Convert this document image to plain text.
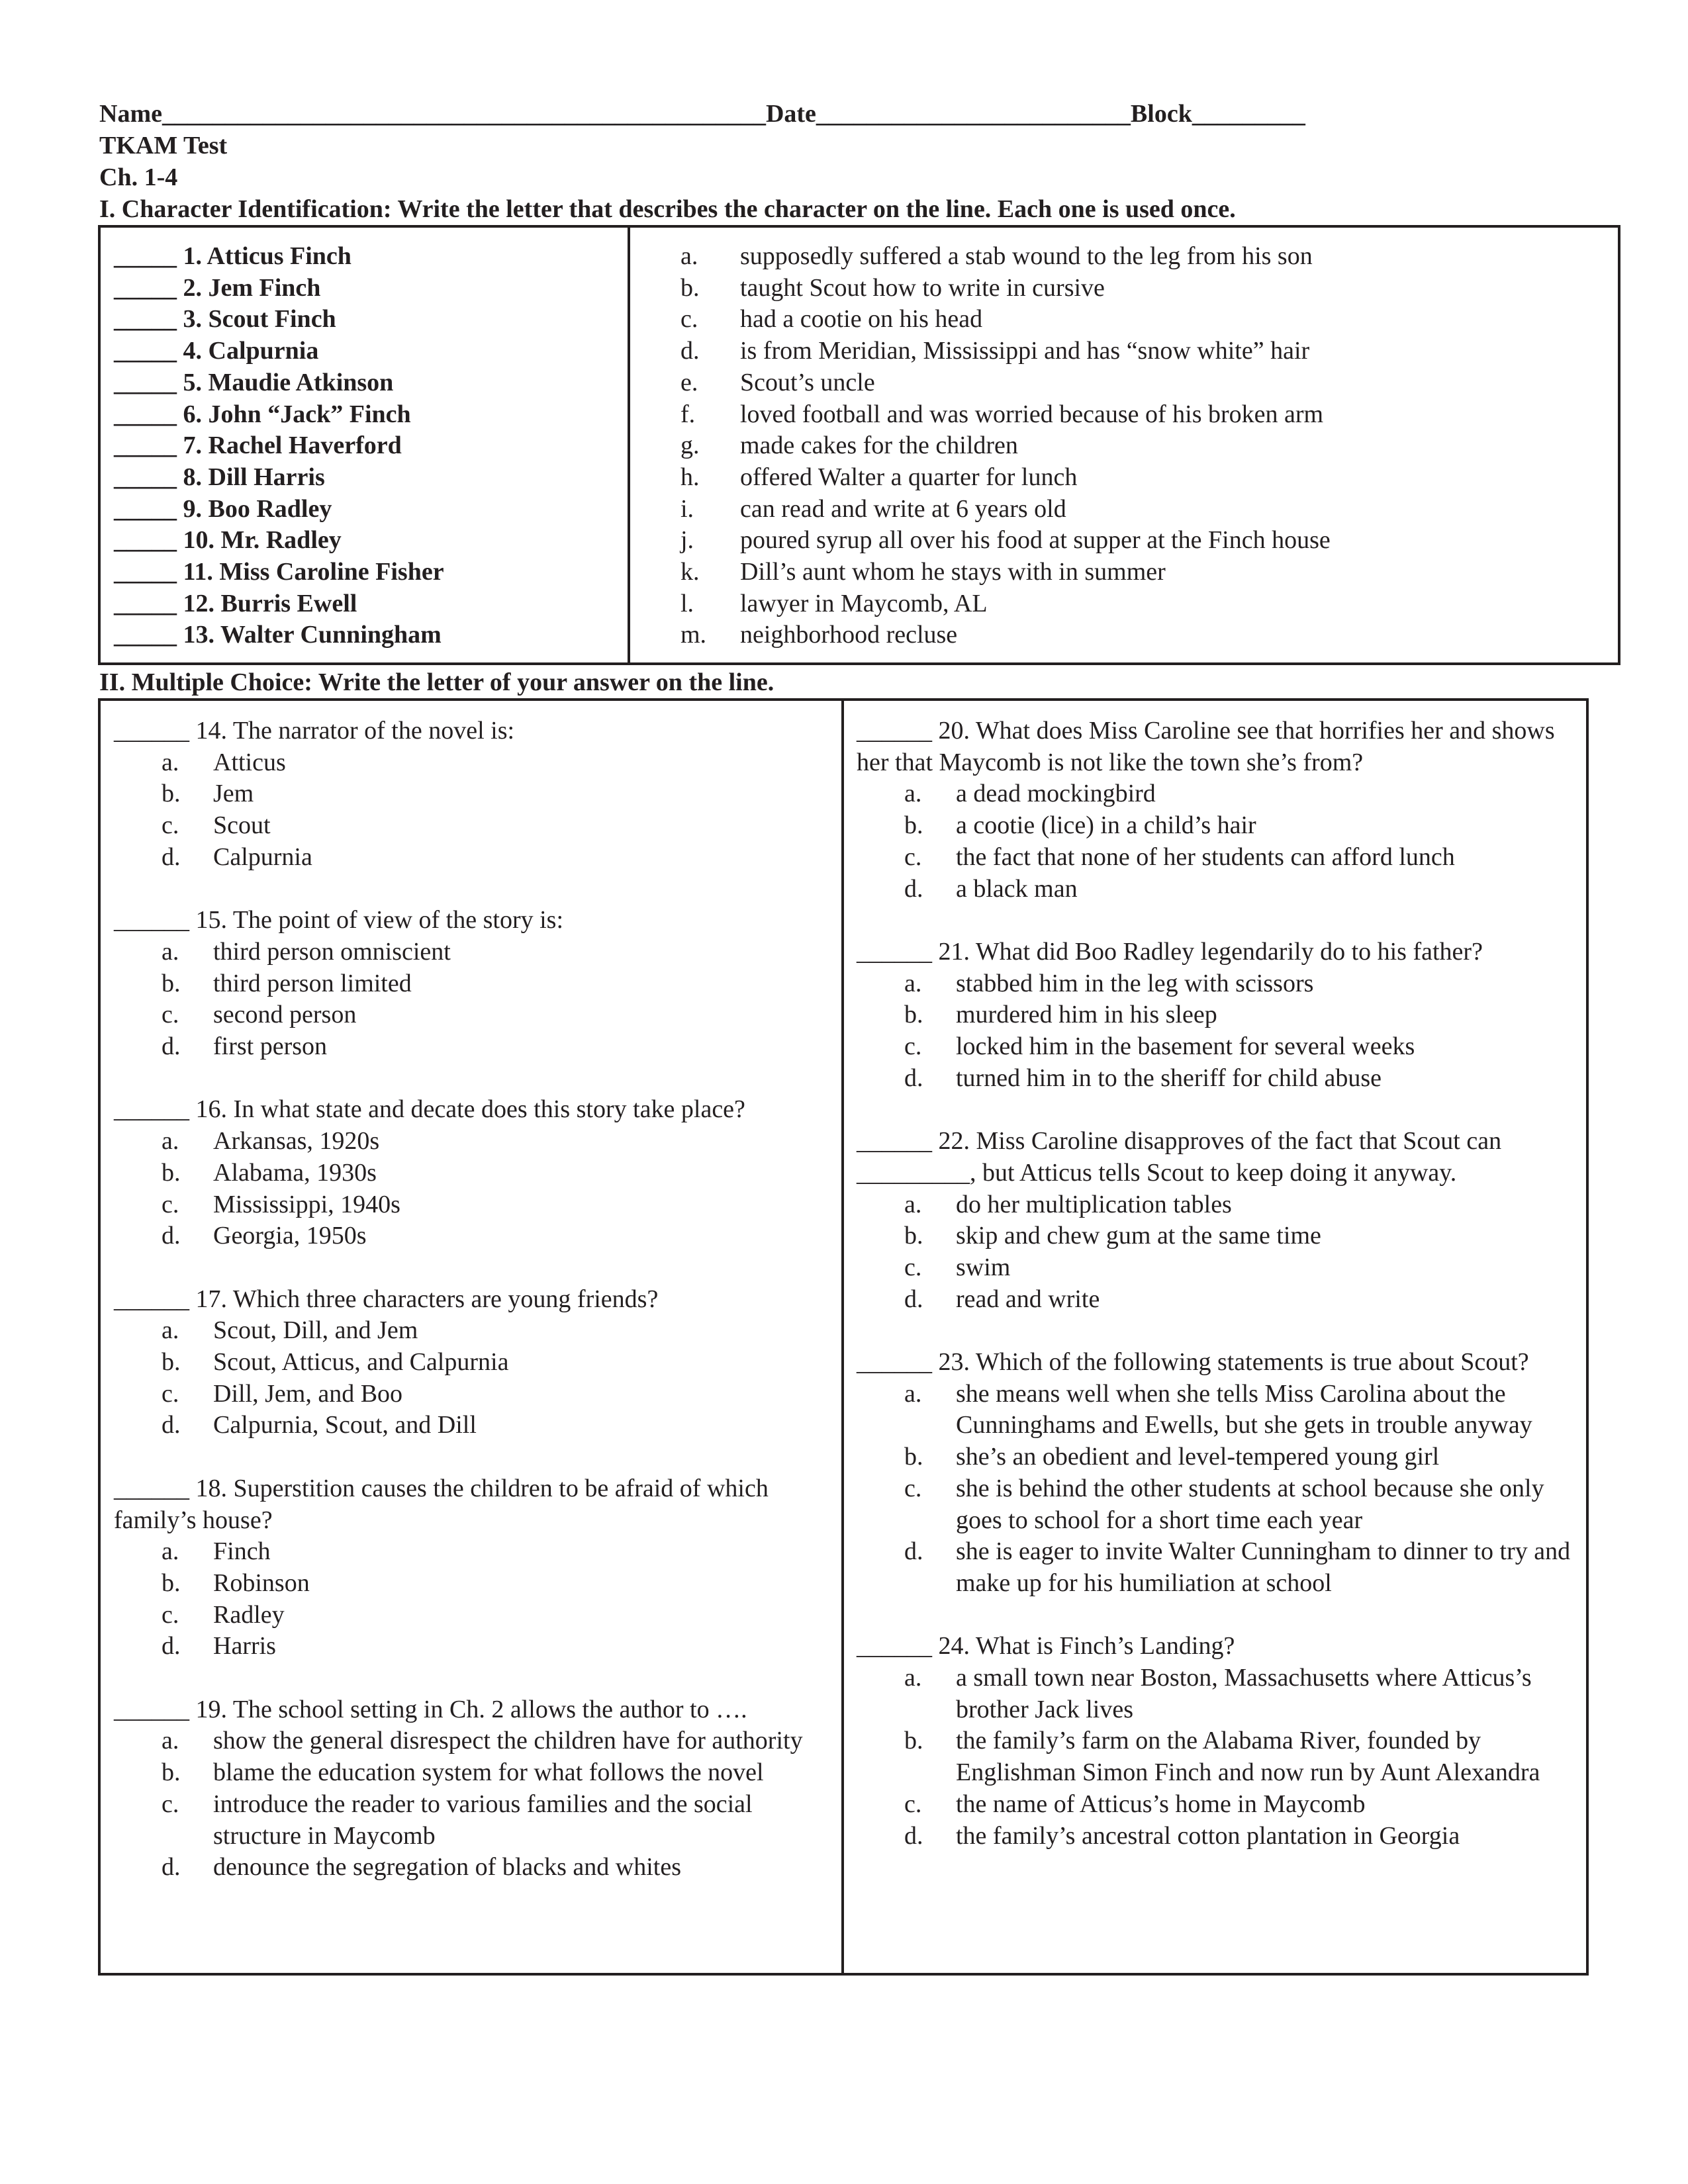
Name________________________________________________Date_________________________Block_________
TKAM Test
Ch. 1-4
I. Character Identification: Write the letter that describes the character on the line. Each one is used once.
_____ 1. Atticus Finch
_____ 2. Jem Finch
_____ 3. Scout Finch
_____ 4. Calpurnia
_____ 5. Maudie Atkinson
_____ 6. John “Jack” Finch
_____ 7. Rachel Haverford
_____ 8. Dill Harris
_____ 9. Boo Radley
_____ 10. Mr. Radley
_____ 11. Miss Caroline Fisher
_____ 12. Burris Ewell
_____ 13. Walter Cunningham
a. supposedly suffered a stab wound to the leg from his son
b. taught Scout how to write in cursive
c. had a cootie on his head
d. is from Meridian, Mississippi and has “snow white” hair
e. Scout’s uncle
f. loved football and was worried because of his broken arm
g. made cakes for the children
h. offered Walter a quarter for lunch
i. can read and write at 6 years old
j. poured syrup all over his food at supper at the Finch house
k. Dill’s aunt whom he stays with in summer
l. lawyer in Maycomb, AL
m. neighborhood recluse
II. Multiple Choice: Write the letter of your answer on the line.
______ 14. The narrator of the novel is:
a. Atticus
b. Jem
c. Scout
d. Calpurnia
______ 15. The point of view of the story is:
a. third person omniscient
b. third person limited
c. second person
d. first person
______ 16. In what state and decate does this story take place?
a. Arkansas, 1920s
b. Alabama, 1930s
c. Mississippi, 1940s
d. Georgia, 1950s
______ 17. Which three characters are young friends?
a. Scout, Dill, and Jem
b. Scout, Atticus, and Calpurnia
c. Dill, Jem, and Boo
d. Calpurnia, Scout, and Dill
______ 18. Superstition causes the children to be afraid of which family’s house?
a. Finch
b. Robinson
c. Radley
d. Harris
______ 19. The school setting in Ch. 2 allows the author to ….
a. show the general disrespect the children have for authority
b. blame the education system for what follows the novel
c. introduce the reader to various families and the social structure in Maycomb
d. denounce the segregation of blacks and whites
______ 20. What does Miss Caroline see that horrifies her and shows her that Maycomb is not like the town she’s from?
a. a dead mockingbird
b. a cootie (lice) in a child’s hair
c. the fact that none of her students can afford lunch
d. a black man
______ 21. What did Boo Radley legendarily do to his father?
a. stabbed him in the leg with scissors
b. murdered him in his sleep
c. locked him in the basement for several weeks
d. turned him in to the sheriff for child abuse
______ 22. Miss Caroline disapproves of the fact that Scout can _________, but Atticus tells Scout to keep doing it anyway.
a. do her multiplication tables
b. skip and chew gum at the same time
c. swim
d. read and write
______ 23. Which of the following statements is true about Scout?
a. she means well when she tells Miss Carolina about the Cunninghams and Ewells, but she gets in trouble anyway
b. she’s an obedient and level-tempered young girl
c. she is behind the other students at school because she only goes to school for a short time each year
d. she is eager to invite Walter Cunningham to dinner to try and make up for his humiliation at school
______ 24. What is Finch’s Landing?
a. a small town near Boston, Massachusetts where Atticus’s brother Jack lives
b. the family’s farm on the Alabama River, founded by Englishman Simon Finch and now run by Aunt Alexandra
c. the name of Atticus’s home in Maycomb
d. the family’s ancestral cotton plantation in Georgia
